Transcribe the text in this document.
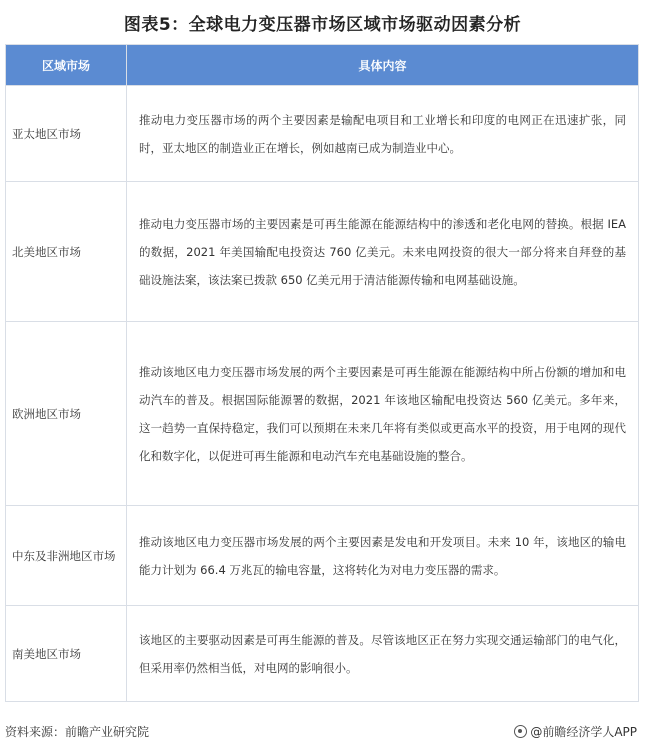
图表5：全球电力变压器市场区域市场驱动因素分析
区域市场	具体内容
亚太地区市场	推动电力变压器市场的两个主要因素是输配电项目和工业增长和印度的电网正在迅速扩张，同时，亚太地区的制造业正在增长，例如越南已成为制造业中心。
北美地区市场	推动电力变压器市场的主要因素是可再生能源在能源结构中的渗透和老化电网的替换。根据 IEA 的数据，2021 年美国输配电投资达 760 亿美元。未来电网投资的很大一部分将来自拜登的基础设施法案，该法案已拨款 650 亿美元用于清洁能源传输和电网基础设施。
欧洲地区市场	推动该地区电力变压器市场发展的两个主要因素是可再生能源在能源结构中所占份额的增加和电动汽车的普及。根据国际能源署的数据，2021 年该地区输配电投资达 560 亿美元。多年来，这一趋势一直保持稳定，我们可以预期在未来几年将有类似或更高水平的投资，用于电网的现代化和数字化，以促进可再生能源和电动汽车充电基础设施的整合。
中东及非洲地区市场	推动该地区电力变压器市场发展的两个主要因素是发电和开发项目。未来 10 年，该地区的输电能力计划为 66.4 万兆瓦的输电容量，这将转化为对电力变压器的需求。
南美地区市场	该地区的主要驱动因素是可再生能源的普及。尽管该地区正在努力实现交通运输部门的电气化，但采用率仍然相当低，对电网的影响很小。
资料来源：前瞻产业研究院	@前瞻经济学人APP
